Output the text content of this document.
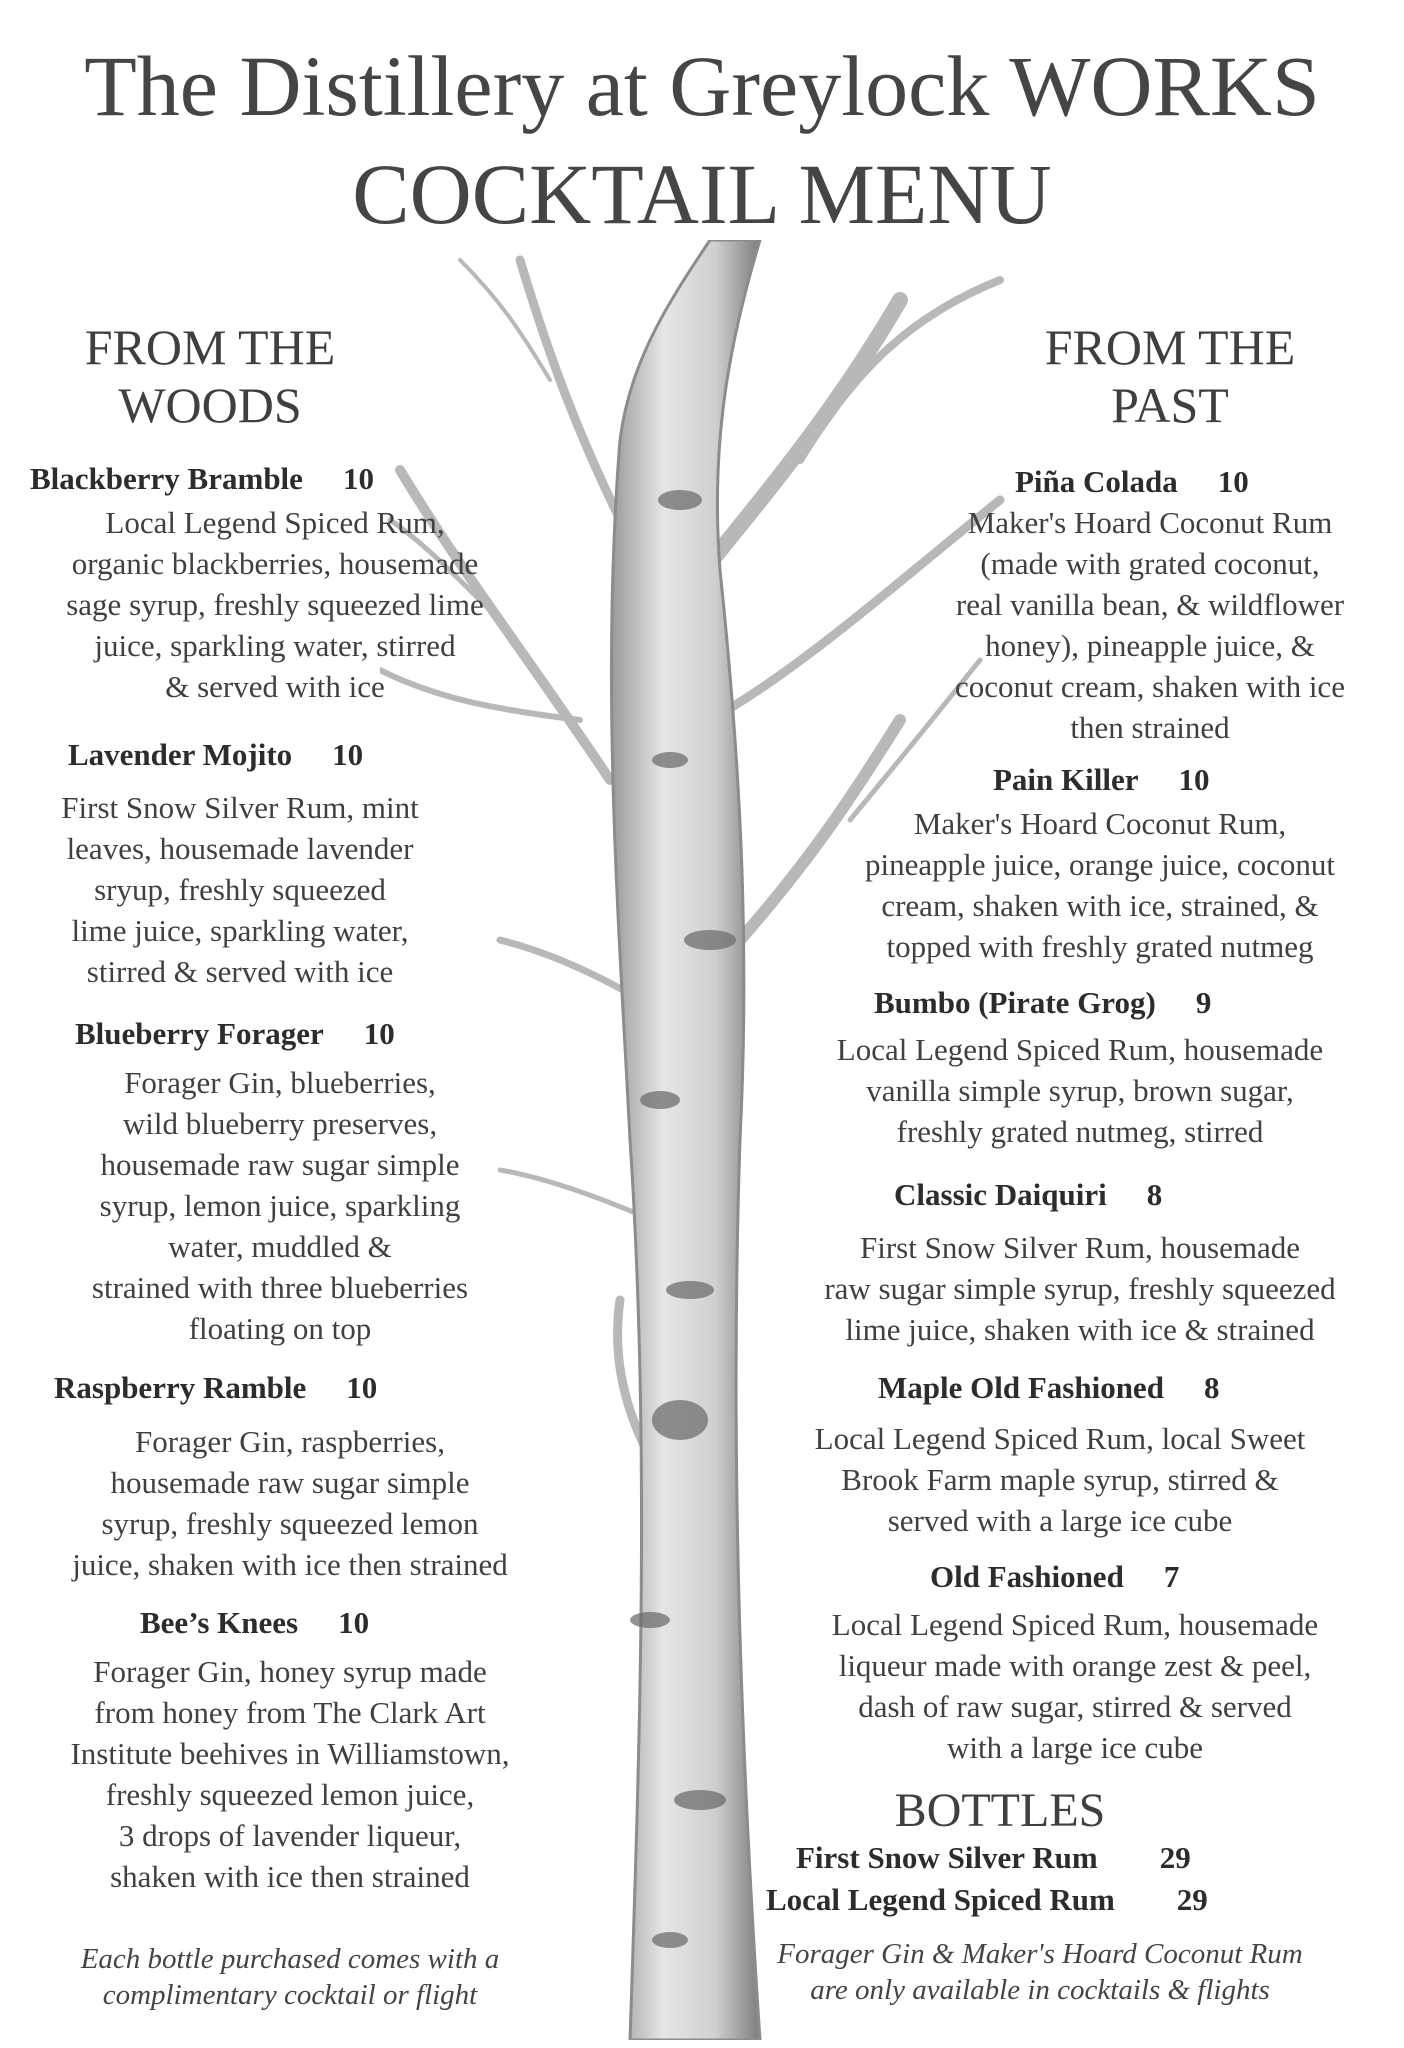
The Distillery at Greylock WORKS
COCKTAIL MENU
FROM THE
WOODS
Blackberry Bramble 10
Local Legend Spiced Rum,
organic blackberries, housemade
sage syrup, freshly squeezed lime
juice, sparkling water, stirred
& served with ice
Lavender Mojito 10
First Snow Silver Rum, mint
leaves, housemade lavender
sryup, freshly squeezed
lime juice, sparkling water,
stirred & served with ice
Blueberry Forager 10
Forager Gin, blueberries,
wild blueberry preserves,
housemade raw sugar simple
syrup, lemon juice, sparkling
water, muddled &
strained with three blueberries
floating on top
Raspberry Ramble 10
Forager Gin, raspberries,
housemade raw sugar simple
syrup, freshly squeezed lemon
juice, shaken with ice then strained
Bee’s Knees 10
Forager Gin, honey syrup made
from honey from The Clark Art
Institute beehives in Williamstown,
freshly squeezed lemon juice,
3 drops of lavender liqueur,
shaken with ice then strained
Each bottle purchased comes with a
complimentary cocktail or flight
FROM THE
PAST
Piña Colada 10
Maker's Hoard Coconut Rum
(made with grated coconut,
real vanilla bean, & wildflower
honey), pineapple juice, &
coconut cream, shaken with ice
then strained
Pain Killer 10
Maker's Hoard Coconut Rum,
pineapple juice, orange juice, coconut
cream, shaken with ice, strained, &
topped with freshly grated nutmeg
Bumbo (Pirate Grog) 9
Local Legend Spiced Rum, housemade
vanilla simple syrup, brown sugar,
freshly grated nutmeg, stirred
Classic Daiquiri 8
First Snow Silver Rum, housemade
raw sugar simple syrup, freshly squeezed
lime juice, shaken with ice & strained
Maple Old Fashioned 8
Local Legend Spiced Rum, local Sweet
Brook Farm maple syrup, stirred &
served with a large ice cube
Old Fashioned 7
Local Legend Spiced Rum, housemade
liqueur made with orange zest & peel,
dash of raw sugar, stirred & served
with a large ice cube
BOTTLES
First Snow Silver Rum 29
Local Legend Spiced Rum 29
Forager Gin & Maker's Hoard Coconut Rum
are only available in cocktails & flights
